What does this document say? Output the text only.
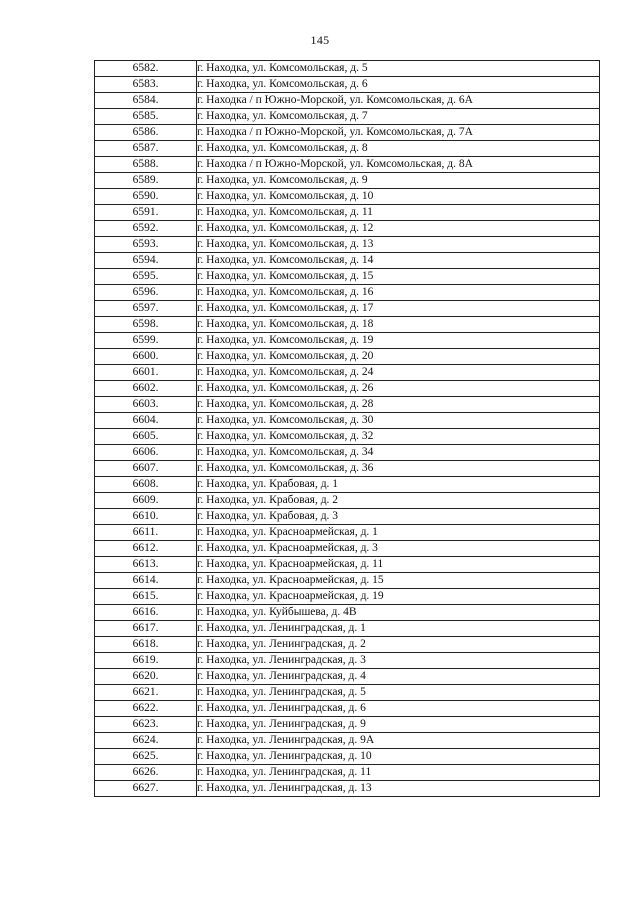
145
6582.	г. Находка, ул. Комсомольская, д. 5
6583.	г. Находка, ул. Комсомольская, д. 6
6584.	г. Находка / п Южно-Морской, ул. Комсомольская, д. 6А
6585.	г. Находка, ул. Комсомольская, д. 7
6586.	г. Находка / п Южно-Морской, ул. Комсомольская, д. 7А
6587.	г. Находка, ул. Комсомольская, д. 8
6588.	г. Находка / п Южно-Морской, ул. Комсомольская, д. 8А
6589.	г. Находка, ул. Комсомольская, д. 9
6590.	г. Находка, ул. Комсомольская, д. 10
6591.	г. Находка, ул. Комсомольская, д. 11
6592.	г. Находка, ул. Комсомольская, д. 12
6593.	г. Находка, ул. Комсомольская, д. 13
6594.	г. Находка, ул. Комсомольская, д. 14
6595.	г. Находка, ул. Комсомольская, д. 15
6596.	г. Находка, ул. Комсомольская, д. 16
6597.	г. Находка, ул. Комсомольская, д. 17
6598.	г. Находка, ул. Комсомольская, д. 18
6599.	г. Находка, ул. Комсомольская, д. 19
6600.	г. Находка, ул. Комсомольская, д. 20
6601.	г. Находка, ул. Комсомольская, д. 24
6602.	г. Находка, ул. Комсомольская, д. 26
6603.	г. Находка, ул. Комсомольская, д. 28
6604.	г. Находка, ул. Комсомольская, д. 30
6605.	г. Находка, ул. Комсомольская, д. 32
6606.	г. Находка, ул. Комсомольская, д. 34
6607.	г. Находка, ул. Комсомольская, д. 36
6608.	г. Находка, ул. Крабовая, д. 1
6609.	г. Находка, ул. Крабовая, д. 2
6610.	г. Находка, ул. Крабовая, д. 3
6611.	г. Находка, ул. Красноармейская, д. 1
6612.	г. Находка, ул. Красноармейская, д. 3
6613.	г. Находка, ул. Красноармейская, д. 11
6614.	г. Находка, ул. Красноармейская, д. 15
6615.	г. Находка, ул. Красноармейская, д. 19
6616.	г. Находка, ул. Куйбышева, д. 4В
6617.	г. Находка, ул. Ленинградская, д. 1
6618.	г. Находка, ул. Ленинградская, д. 2
6619.	г. Находка, ул. Ленинградская, д. 3
6620.	г. Находка, ул. Ленинградская, д. 4
6621.	г. Находка, ул. Ленинградская, д. 5
6622.	г. Находка, ул. Ленинградская, д. 6
6623.	г. Находка, ул. Ленинградская, д. 9
6624.	г. Находка, ул. Ленинградская, д. 9А
6625.	г. Находка, ул. Ленинградская, д. 10
6626.	г. Находка, ул. Ленинградская, д. 11
6627.	г. Находка, ул. Ленинградская, д. 13
